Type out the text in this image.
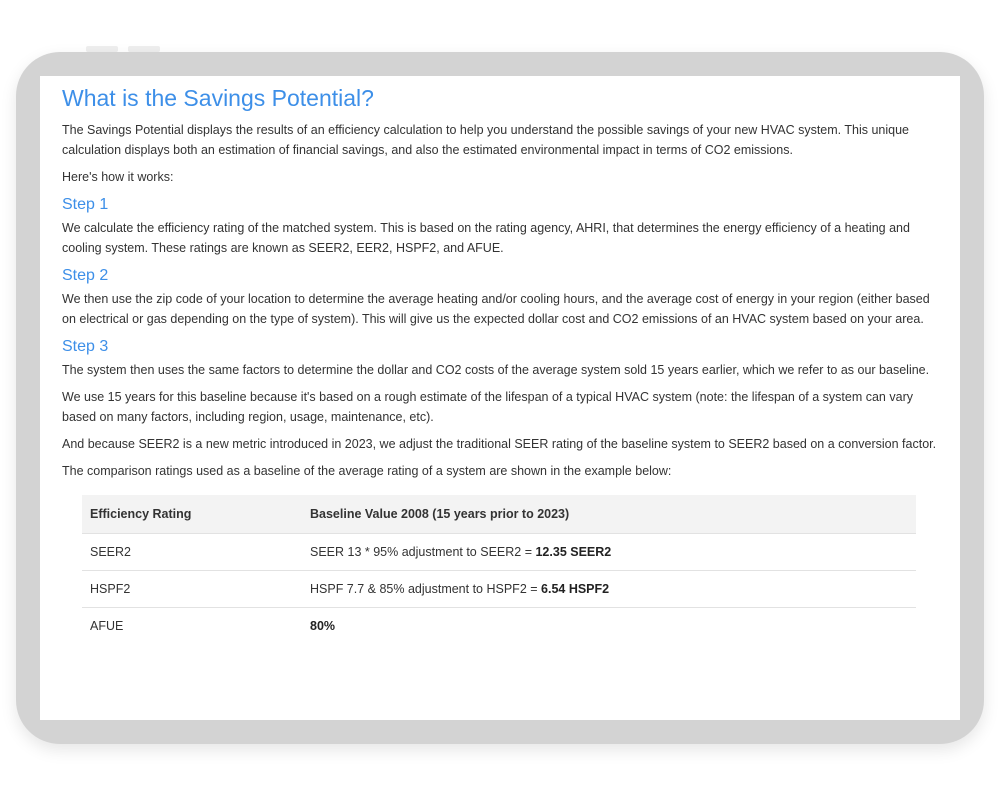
What is the Savings Potential?

The Savings Potential displays the results of an efficiency calculation to help you understand the possible savings of your new HVAC system. This unique calculation displays both an estimation of financial savings, and also the estimated environmental impact in terms of CO2 emissions.

Here's how it works:

Step 1

We calculate the efficiency rating of the matched system. This is based on the rating agency, AHRI, that determines the energy efficiency of a heating and cooling system. These ratings are known as SEER2, EER2, HSPF2, and AFUE.

Step 2

We then use the zip code of your location to determine the average heating and/or cooling hours, and the average cost of energy in your region (either based on electrical or gas depending on the type of system). This will give us the expected dollar cost and CO2 emissions of an HVAC system based on your area.

Step 3

The system then uses the same factors to determine the dollar and CO2 costs of the average system sold 15 years earlier, which we refer to as our baseline.

We use 15 years for this baseline because it's based on a rough estimate of the lifespan of a typical HVAC system (note: the lifespan of a system can vary based on many factors, including region, usage, maintenance, etc).

And because SEER2 is a new metric introduced in 2023, we adjust the traditional SEER rating of the baseline system to SEER2 based on a conversion factor.

The comparison ratings used as a baseline of the average rating of a system are shown in the example below:

Efficiency Rating	Baseline Value 2008 (15 years prior to 2023)
SEER2	SEER 13 * 95% adjustment to SEER2 = 12.35 SEER2
HSPF2	HSPF 7.7 & 85% adjustment to HSPF2 = 6.54 HSPF2
AFUE	80%
